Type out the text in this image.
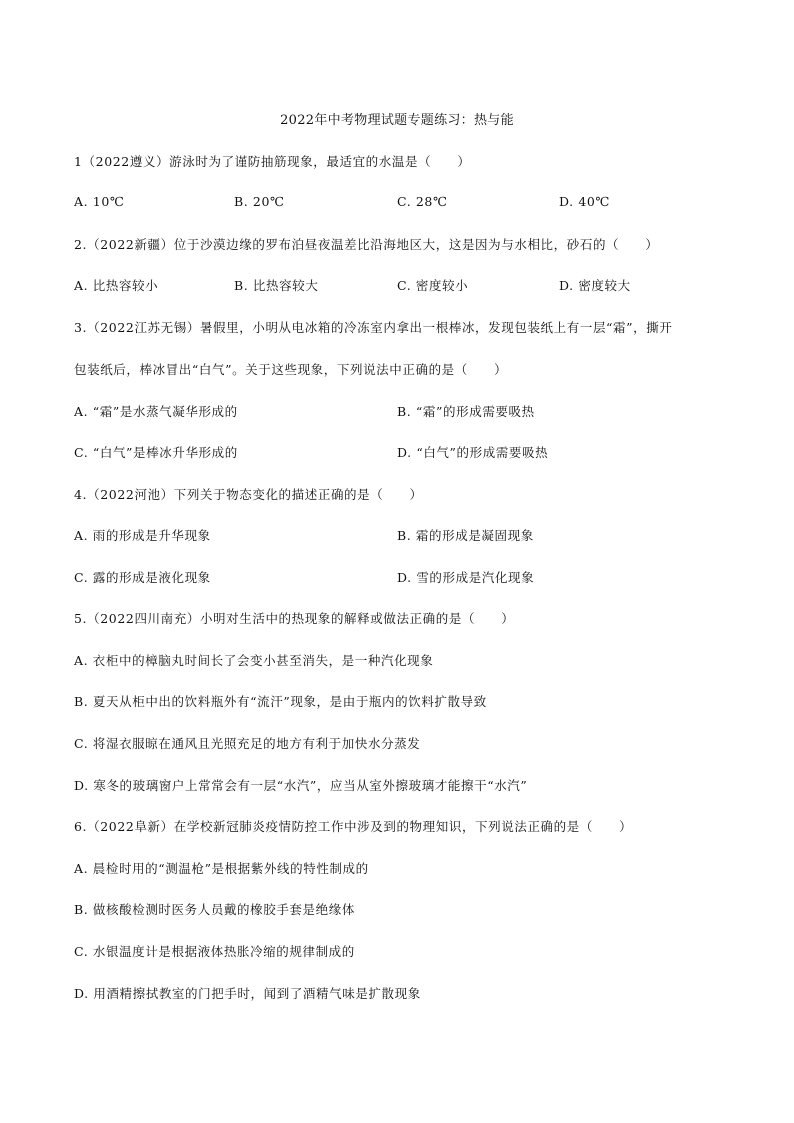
2022年中考物理试题专题练习：热与能
1（2022遵义）游泳时为了谨防抽筋现象，最适宜的水温是（　　）
A. 10℃	B. 20℃	C. 28℃	D. 40℃
2.（2022新疆）位于沙漠边缘的罗布泊昼夜温差比沿海地区大，这是因为与水相比，砂石的（　　）
A. 比热容较小	B. 比热容较大	C. 密度较小	D. 密度较大
3.（2022江苏无锡）暑假里，小明从电冰箱的冷冻室内拿出一根棒冰，发现包装纸上有一层“霜”，撕开
包装纸后，棒冰冒出“白气”。关于这些现象，下列说法中正确的是（　　）
A. “霜”是水蒸气凝华形成的	B. “霜”的形成需要吸热
C. “白气”是棒冰升华形成的	D. “白气”的形成需要吸热
4.（2022河池）下列关于物态变化的描述正确的是（　　）
A. 雨的形成是升华现象	B. 霜的形成是凝固现象
C. 露的形成是液化现象	D. 雪的形成是汽化现象
5.（2022四川南充）小明对生活中的热现象的解释或做法正确的是（　　）
A. 衣柜中的樟脑丸时间长了会变小甚至消失，是一种汽化现象
B. 夏天从柜中出的饮料瓶外有“流汗”现象，是由于瓶内的饮料扩散导致
C. 将湿衣服晾在通风且光照充足的地方有利于加快水分蒸发
D. 寒冬的玻璃窗户上常常会有一层“水汽”，应当从室外擦玻璃才能擦干“水汽”
6.（2022阜新）在学校新冠肺炎疫情防控工作中涉及到的物理知识，下列说法正确的是（　　）
A. 晨检时用的“测温枪”是根据紫外线的特性制成的
B. 做核酸检测时医务人员戴的橡胶手套是绝缘体
C. 水银温度计是根据液体热胀冷缩的规律制成的
D. 用酒精擦拭教室的门把手时，闻到了酒精气味是扩散现象
